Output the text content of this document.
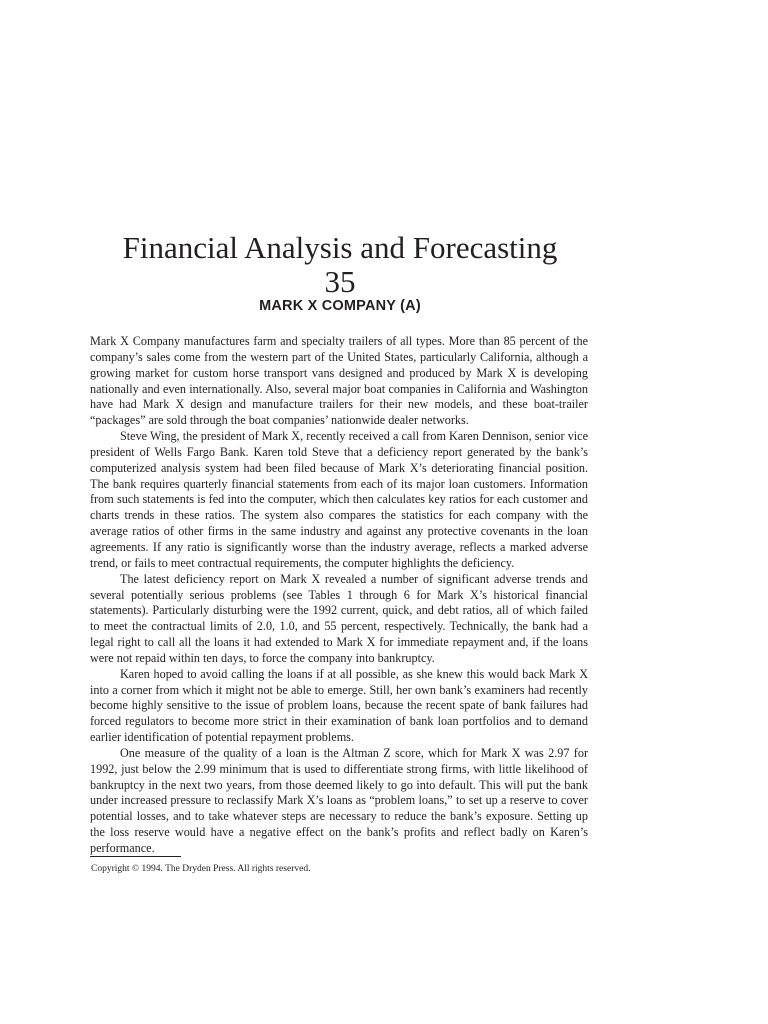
Financial Analysis and Forecasting
35
MARK X COMPANY (A)

Mark X Company manufactures farm and specialty trailers of all types. More than 85 percent of the company’s sales come from the western part of the United States, particularly California, although a growing market for custom horse transport vans designed and produced by Mark X is developing nationally and even internationally. Also, several major boat companies in California and Washington have had Mark X design and manufacture trailers for their new models, and these boat-trailer “packages” are sold through the boat companies’ nationwide dealer networks.

Steve Wing, the president of Mark X, recently received a call from Karen Dennison, senior vice president of Wells Fargo Bank. Karen told Steve that a deficiency report generated by the bank’s computerized analysis system had been filed because of Mark X’s deteriorating financial position. The bank requires quarterly financial statements from each of its major loan customers. Information from such statements is fed into the computer, which then calculates key ratios for each customer and charts trends in these ratios. The system also compares the statistics for each company with the average ratios of other firms in the same industry and against any protective covenants in the loan agreements. If any ratio is significantly worse than the industry average, reflects a marked adverse trend, or fails to meet contractual requirements, the computer highlights the deficiency.

The latest deficiency report on Mark X revealed a number of significant adverse trends and several potentially serious problems (see Tables 1 through 6 for Mark X’s historical financial statements). Particularly disturbing were the 1992 current, quick, and debt ratios, all of which failed to meet the contractual limits of 2.0, 1.0, and 55 percent, respectively. Technically, the bank had a legal right to call all the loans it had extended to Mark X for immediate repayment and, if the loans were not repaid within ten days, to force the company into bankruptcy.

Karen hoped to avoid calling the loans if at all possible, as she knew this would back Mark X into a corner from which it might not be able to emerge. Still, her own bank’s examiners had recently become highly sensitive to the issue of problem loans, because the recent spate of bank failures had forced regulators to become more strict in their examination of bank loan portfolios and to demand earlier identification of potential repayment problems.

One measure of the quality of a loan is the Altman Z score, which for Mark X was 2.97 for 1992, just below the 2.99 minimum that is used to differentiate strong firms, with little likelihood of bankruptcy in the next two years, from those deemed likely to go into default. This will put the bank under increased pressure to reclassify Mark X’s loans as “problem loans,” to set up a reserve to cover potential losses, and to take whatever steps are necessary to reduce the bank’s exposure. Setting up the loss reserve would have a negative effect on the bank’s profits and reflect badly on Karen’s performance.

Copyright © 1994. The Dryden Press. All rights reserved.
